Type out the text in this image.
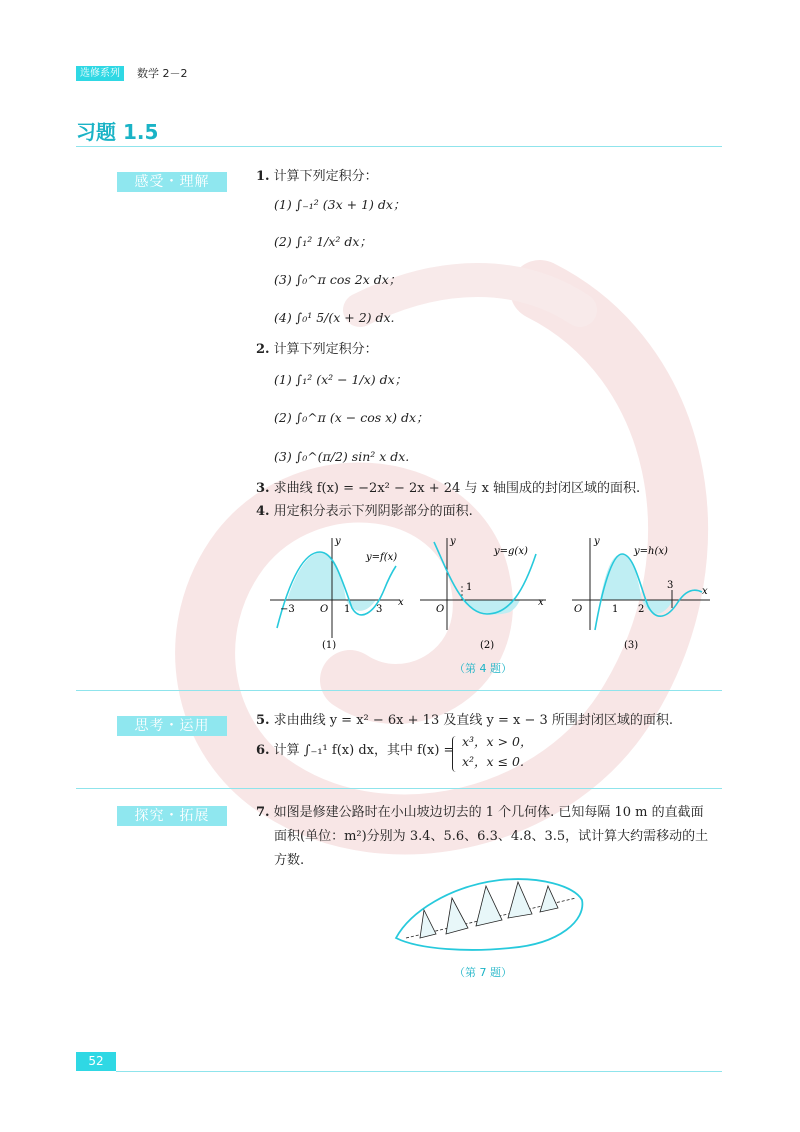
选修系列	数学 2－2
习题 1.5
感受・理解	1. 计算下列定积分：
(1) ∫₋₁² (3x + 1) dx；
(2) ∫₁² 1/x² dx；
(3) ∫₀^π cos 2x dx；
(4) ∫₀¹ 5/(x + 2) dx.
2. 计算下列定积分：
(1) ∫₁² (x² − 1/x) dx；
(2) ∫₀^π (x − cos x) dx；
(3) ∫₀^(π/2) sin² x dx.
3. 求曲线 f(x) = −2x² − 2x + 24 与 x 轴围成的封闭区域的面积.
4. 用定积分表示下列阴影部分的面积.
x
y
O
−3	1	3
y=f(x)
(1)
x
y
O
1
y=g(x)
(2)
x
y
O	1 2
3
y=h(x)
(3)
（第 4 题）
思考・运用	5. 求由曲线 y = x² − 6x + 13 及直线 y = x − 3 所围封闭区域的面积.
6. 计算 ∫₋₁¹ f(x) dx，其中 f(x) =
x³，x > 0，
x²，x ≤ 0.
探究・拓展	7. 如图是修建公路时在小山坡边切去的 1 个几何体. 已知每隔 10 m 的直截面
面积(单位：m²)分别为 3.4、5.6、6.3、4.8、3.5，试计算大约需移动的土
方数.
（第 7 题）
52
